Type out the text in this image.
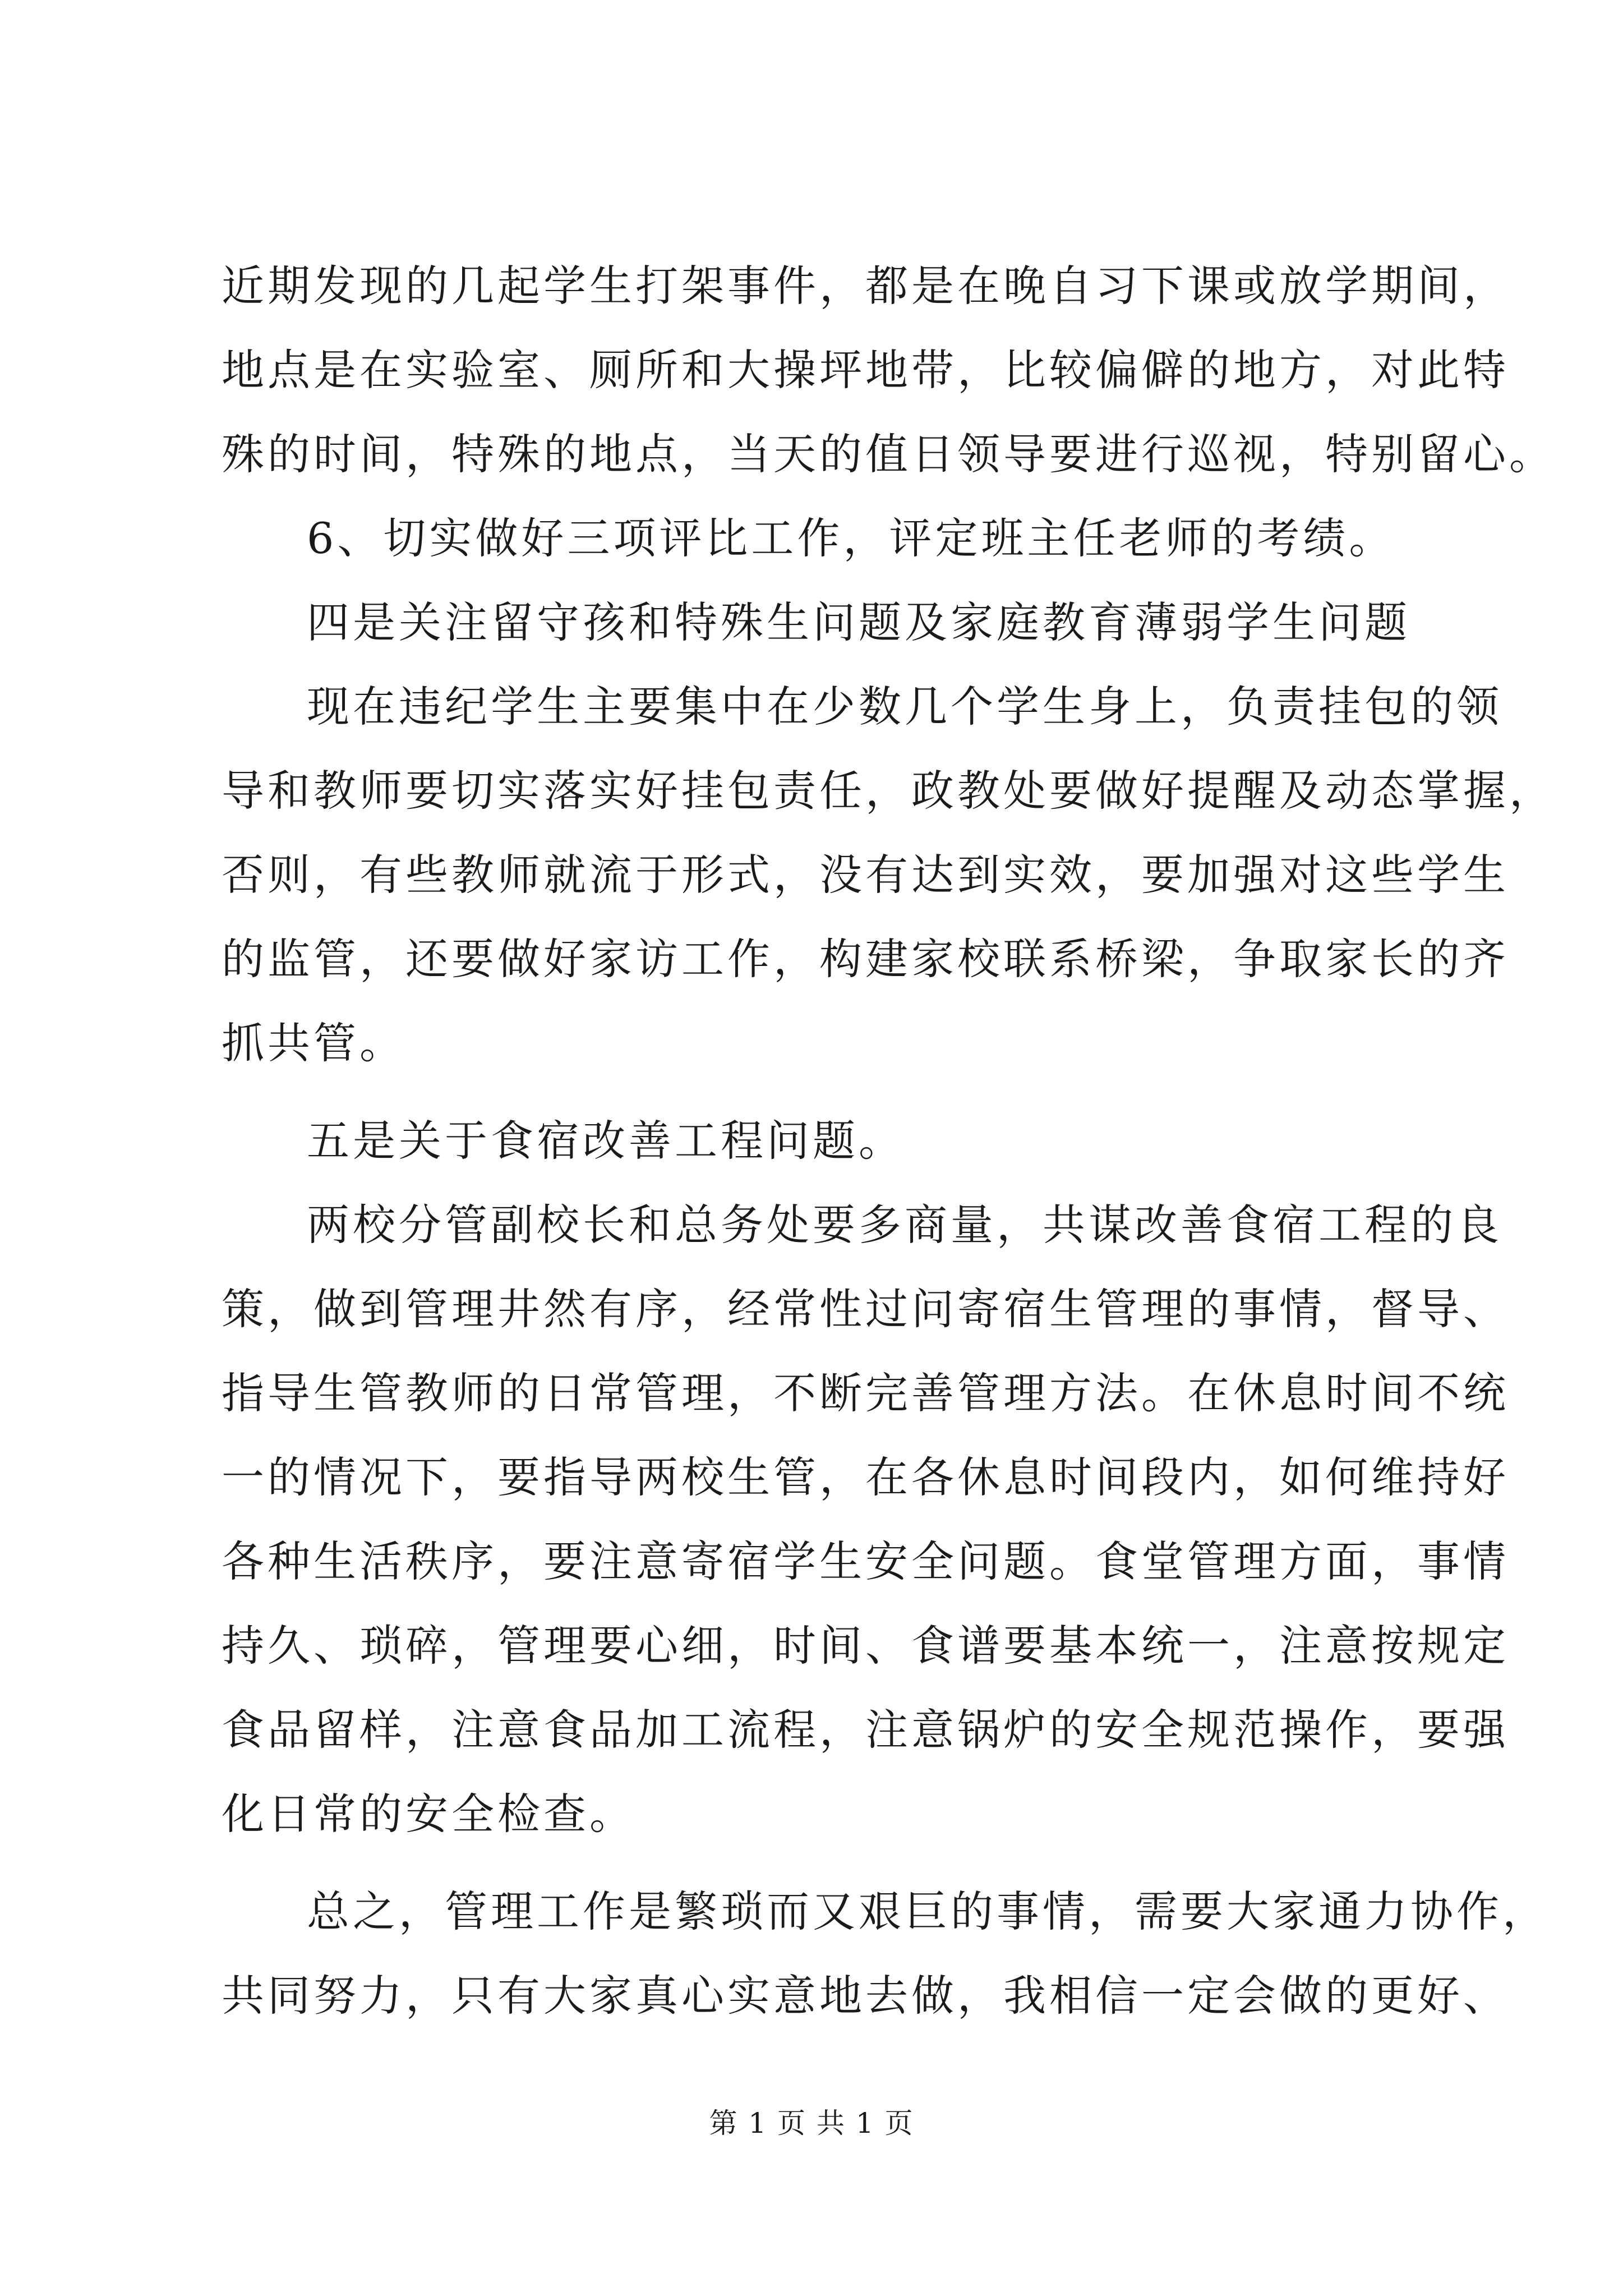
近期发现的几起学生打架事件，都是在晚自习下课或放学期间，
地点是在实验室、厕所和大操坪地带，比较偏僻的地方，对此特
殊的时间，特殊的地点，当天的值日领导要进行巡视，特别留心。
6、切实做好三项评比工作，评定班主任老师的考绩。
四是关注留守孩和特殊生问题及家庭教育薄弱学生问题
现在违纪学生主要集中在少数几个学生身上，负责挂包的领
导和教师要切实落实好挂包责任，政教处要做好提醒及动态掌握，
否则，有些教师就流于形式，没有达到实效，要加强对这些学生
的监管，还要做好家访工作，构建家校联系桥梁，争取家长的齐
抓共管。
五是关于食宿改善工程问题。
两校分管副校长和总务处要多商量，共谋改善食宿工程的良
策，做到管理井然有序，经常性过问寄宿生管理的事情，督导、
指导生管教师的日常管理，不断完善管理方法。在休息时间不统
一的情况下，要指导两校生管，在各休息时间段内，如何维持好
各种生活秩序，要注意寄宿学生安全问题。食堂管理方面，事情
持久、琐碎，管理要心细，时间、食谱要基本统一，注意按规定
食品留样，注意食品加工流程，注意锅炉的安全规范操作，要强
化日常的安全检查。
总之，管理工作是繁琐而又艰巨的事情，需要大家通力协作，
共同努力，只有大家真心实意地去做，我相信一定会做的更好、
第 1 页 共 1 页
